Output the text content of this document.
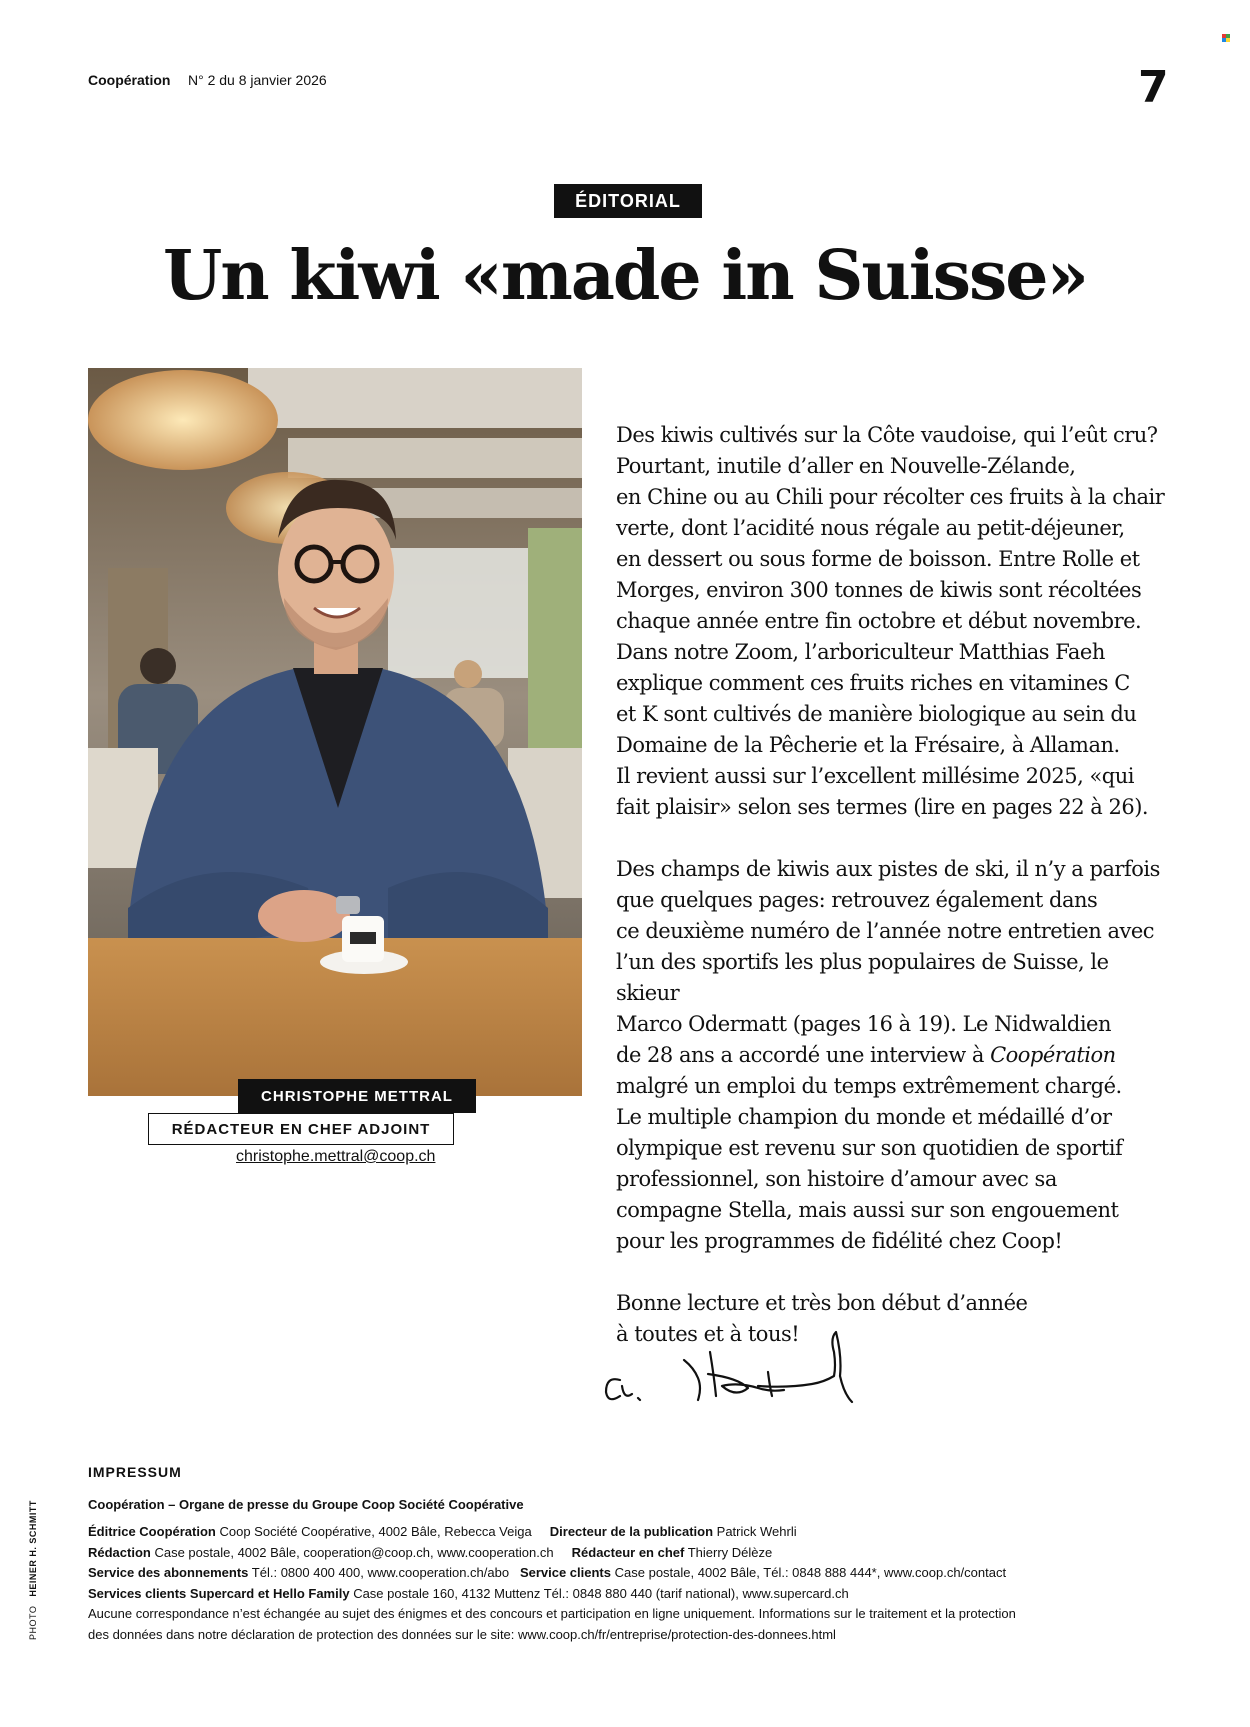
Coopération N° 2 du 8 janvier 2026	7
ÉDITORIAL
Un kiwi «made in Suisse»
CHRISTOPHE METTRAL
RÉDACTEUR EN CHEF ADJOINT
christophe.mettral@coop.ch

Des kiwis cultivés sur la Côte vaudoise, qui l’eût cru?
Pourtant, inutile d’aller en Nouvelle-Zélande,
en Chine ou au Chili pour récolter ces fruits à la chair
verte, dont l’acidité nous régale au petit-déjeuner,
en dessert ou sous forme de boisson. Entre Rolle et
Morges, environ 300 tonnes de kiwis sont récoltées
chaque année entre fin octobre et début novembre.
Dans notre Zoom, l’arboriculteur Matthias Faeh
explique comment ces fruits riches en vitamines C
et K sont cultivés de manière biologique au sein du
Domaine de la Pêcherie et la Frésaire, à Allaman.
Il revient aussi sur l’excellent millésime 2025, «qui
fait plaisir» selon ses termes (lire en pages 22 à 26).

Des champs de kiwis aux pistes de ski, il n’y a parfois
que quelques pages: retrouvez également dans
ce deuxième numéro de l’année notre entretien avec
l’un des sportifs les plus populaires de Suisse, le skieur
Marco Odermatt (pages 16 à 19). Le Nidwaldien
de 28 ans a accordé une interview à Coopération
malgré un emploi du temps extrêmement chargé.
Le multiple champion du monde et médaillé d’or
olympique est revenu sur son quotidien de sportif
professionnel, son histoire d’amour avec sa
compagne Stella, mais aussi sur son engouement
pour les programmes de fidélité chez Coop!

Bonne lecture et très bon début d’année
à toutes et à tous!

IMPRESSUM
Coopération – Organe de presse du Groupe Coop Société Coopérative
Éditrice Coopération Coop Société Coopérative, 4002 Bâle, Rebecca Veiga Directeur de la publication Patrick Wehrli
Rédaction Case postale, 4002 Bâle, cooperation@coop.ch, www.cooperation.ch Rédacteur en chef Thierry Délèze
Service des abonnements Tél.: 0800 400 400, www.cooperation.ch/abo Service clients Case postale, 4002 Bâle, Tél.: 0848 888 444*, www.coop.ch/contact
Services clients Supercard et Hello Family Case postale 160, 4132 Muttenz Tél.: 0848 880 440 (tarif national), www.supercard.ch
Aucune correspondance n’est échangée au sujet des énigmes et des concours et participation en ligne uniquement. Informations sur le traitement et la protection
des données dans notre déclaration de protection des données sur le site: www.coop.ch/fr/entreprise/protection-des-donnees.html
PHOTO   HEINER H. SCHMITT
